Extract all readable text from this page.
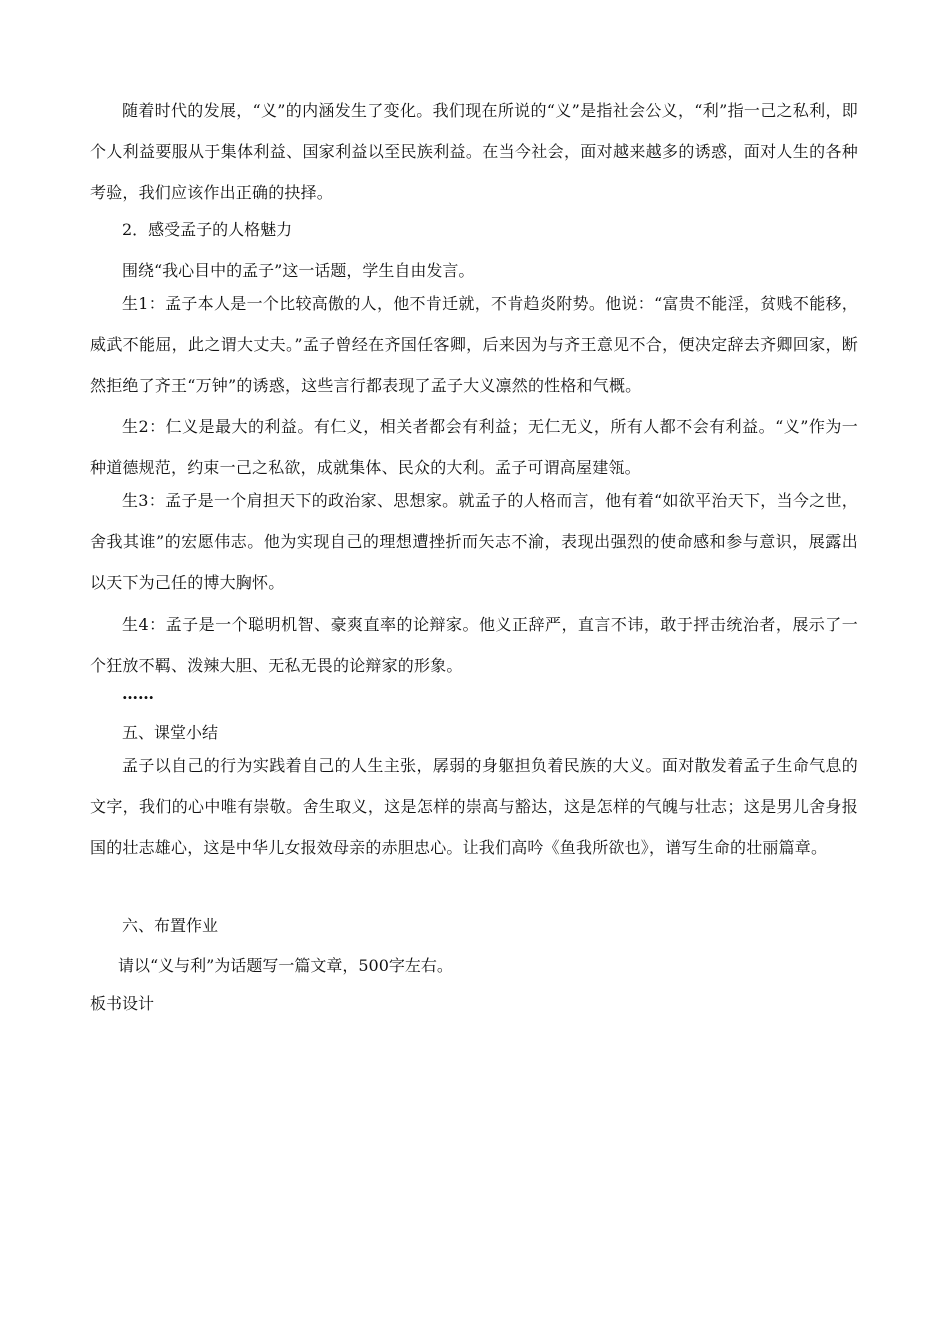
随着时代的发展，“义”的内涵发生了变化。我们现在所说的“义”是指社会公义，“利”指一己之私利，即个人利益要服从于集体利益、国家利益以至民族利益。在当今社会，面对越来越多的诱惑，面对人生的各种考验，我们应该作出正确的抉择。
2．感受孟子的人格魅力
围绕“我心目中的孟子”这一话题，学生自由发言。
生1：孟子本人是一个比较高傲的人，他不肯迁就，不肯趋炎附势。他说：“富贵不能淫，贫贱不能移，威武不能屈，此之谓大丈夫。”孟子曾经在齐国任客卿，后来因为与齐王意见不合，便决定辞去齐卿回家，断然拒绝了齐王“万钟”的诱惑，这些言行都表现了孟子大义凛然的性格和气概。
生2：仁义是最大的利益。有仁义，相关者都会有利益；无仁无义，所有人都不会有利益。“义”作为一种道德规范，约束一己之私欲，成就集体、民众的大利。孟子可谓高屋建瓴。
生3：孟子是一个肩担天下的政治家、思想家。就孟子的人格而言，他有着“如欲平治天下，当今之世，舍我其谁”的宏愿伟志。他为实现自己的理想遭挫折而矢志不渝，表现出强烈的使命感和参与意识，展露出以天下为己任的博大胸怀。
生4：孟子是一个聪明机智、豪爽直率的论辩家。他义正辞严，直言不讳，敢于抨击统治者，展示了一个狂放不羁、泼辣大胆、无私无畏的论辩家的形象。
……
五、课堂小结
孟子以自己的行为实践着自己的人生主张，孱弱的身躯担负着民族的大义。面对散发着孟子生命气息的文字，我们的心中唯有崇敬。舍生取义，这是怎样的崇高与豁达，这是怎样的气魄与壮志；这是男儿舍身报国的壮志雄心，这是中华儿女报效母亲的赤胆忠心。让我们高吟《鱼我所欲也》，谱写生命的壮丽篇章。
六、布置作业
请以“义与利”为话题写一篇文章，500字左右。
板书设计
